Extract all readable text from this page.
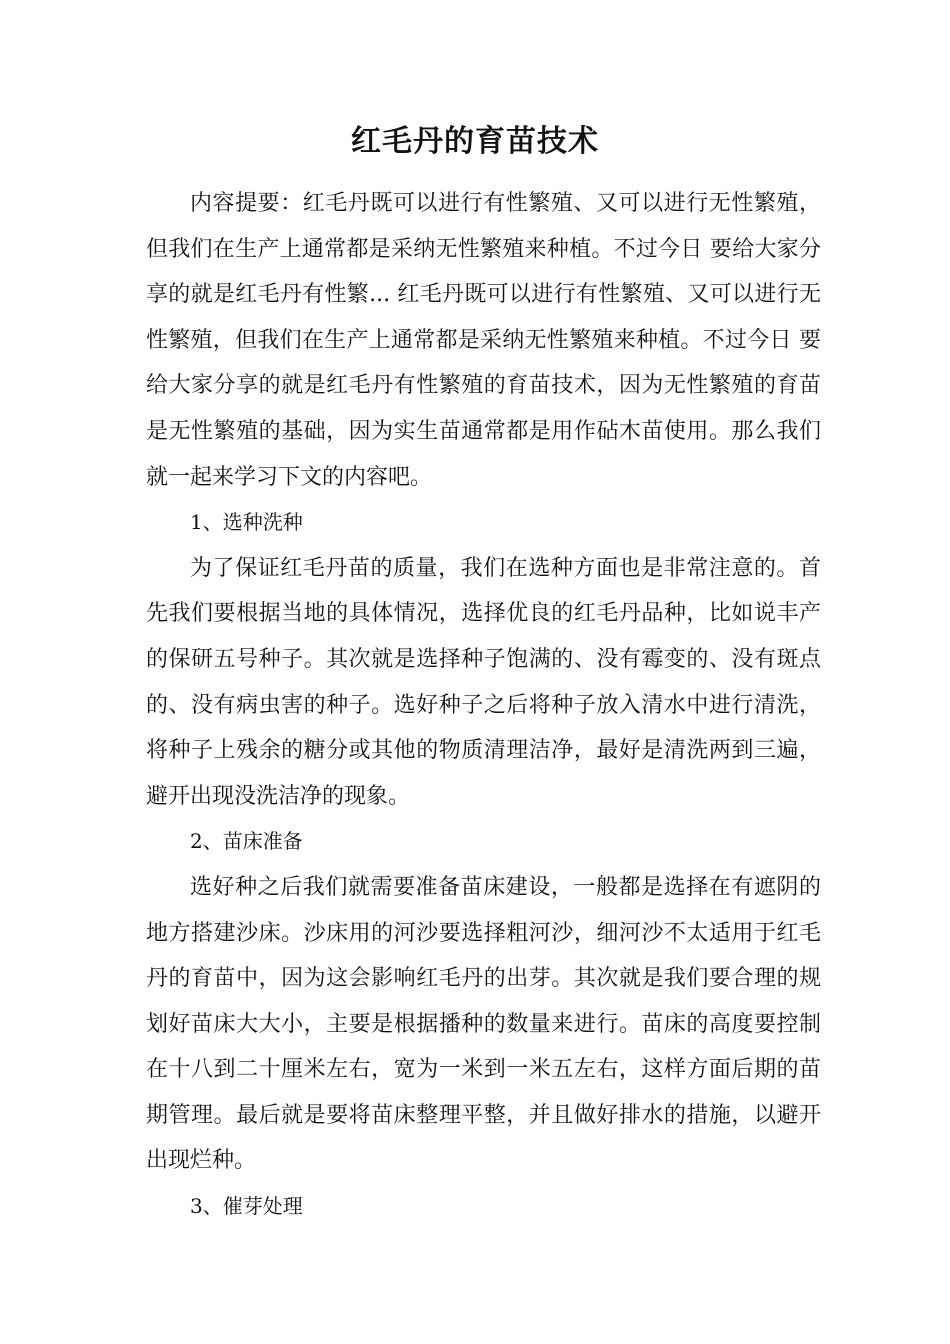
红毛丹的育苗技术

内容提要：红毛丹既可以进行有性繁殖、又可以进行无性繁殖，但我们在生产上通常都是采纳无性繁殖来种植。不过今日 要给大家分享的就是红毛丹有性繁... 红毛丹既可以进行有性繁殖、又可以进行无性繁殖，但我们在生产上通常都是采纳无性繁殖来种植。不过今日 要给大家分享的就是红毛丹有性繁殖的育苗技术，因为无性繁殖的育苗是无性繁殖的基础，因为实生苗通常都是用作砧木苗使用。那么我们就一起来学习下文的内容吧。

1、选种洗种

为了保证红毛丹苗的质量，我们在选种方面也是非常注意的。首先我们要根据当地的具体情况，选择优良的红毛丹品种，比如说丰产的保研五号种子。其次就是选择种子饱满的、没有霉变的、没有斑点的、没有病虫害的种子。选好种子之后将种子放入清水中进行清洗，将种子上残余的糖分或其他的物质清理洁净，最好是清洗两到三遍，避开出现没洗洁净的现象。

2、苗床准备

选好种之后我们就需要准备苗床建设，一般都是选择在有遮阴的地方搭建沙床。沙床用的河沙要选择粗河沙，细河沙不太适用于红毛丹的育苗中，因为这会影响红毛丹的出芽。其次就是我们要合理的规划好苗床大大小，主要是根据播种的数量来进行。苗床的高度要控制在十八到二十厘米左右，宽为一米到一米五左右，这样方面后期的苗期管理。最后就是要将苗床整理平整，并且做好排水的措施，以避开出现烂种。

3、催芽处理
